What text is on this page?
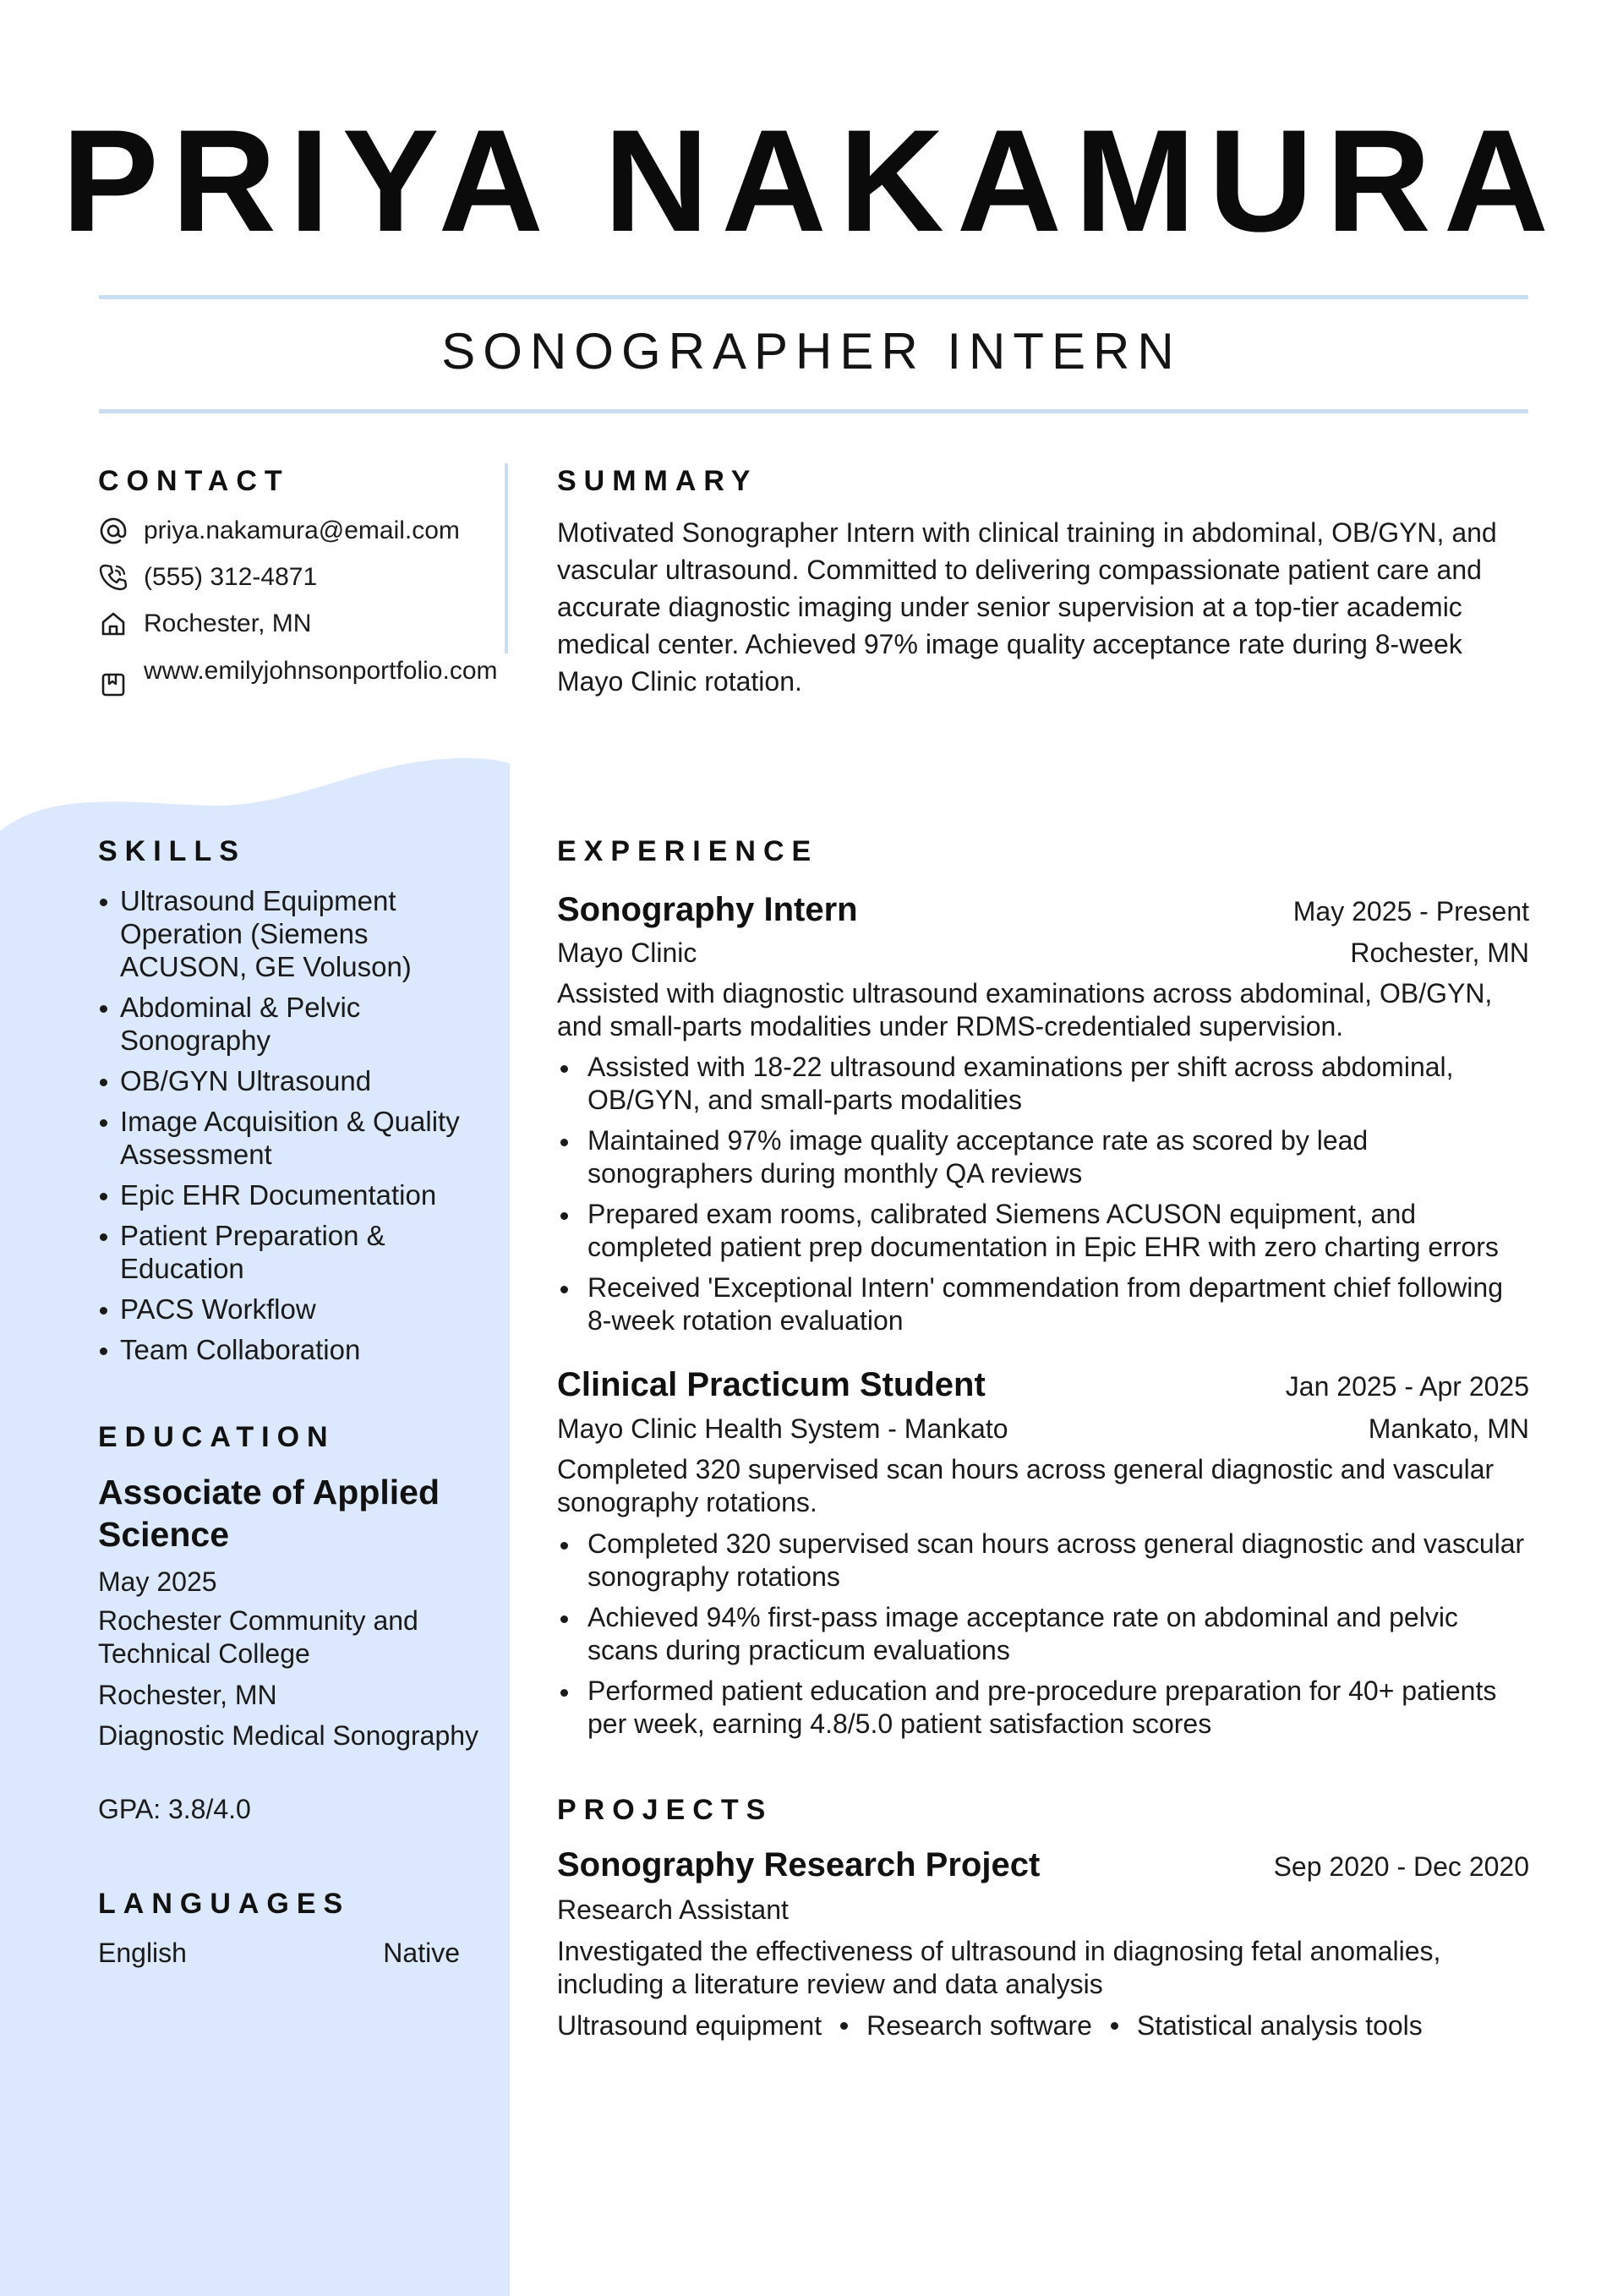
PRIYA NAKAMURA
SONOGRAPHER INTERN
CONTACT
priya.nakamura@email.com
(555) 312-4871
Rochester, MN
www.emilyjohnsonportfolio.com
SKILLS
Ultrasound Equipment Operation (Siemens ACUSON, GE Voluson)
Abdominal & Pelvic Sonography
OB/GYN Ultrasound
Image Acquisition & Quality Assessment
Epic EHR Documentation
Patient Preparation & Education
PACS Workflow
Team Collaboration
EDUCATION
Associate of Applied Science
May 2025
Rochester Community and Technical College
Rochester, MN
Diagnostic Medical Sonography
GPA: 3.8/4.0
LANGUAGES
English	Native
SUMMARY
Motivated Sonographer Intern with clinical training in abdominal, OB/GYN, and vascular ultrasound. Committed to delivering compassionate patient care and accurate diagnostic imaging under senior supervision at a top-tier academic medical center. Achieved 97% image quality acceptance rate during 8-week Mayo Clinic rotation.
EXPERIENCE
Sonography Intern	May 2025 - Present
Mayo Clinic	Rochester, MN
Assisted with diagnostic ultrasound examinations across abdominal, OB/GYN, and small-parts modalities under RDMS-credentialed supervision.
Assisted with 18-22 ultrasound examinations per shift across abdominal, OB/GYN, and small-parts modalities
Maintained 97% image quality acceptance rate as scored by lead sonographers during monthly QA reviews
Prepared exam rooms, calibrated Siemens ACUSON equipment, and completed patient prep documentation in Epic EHR with zero charting errors
Received 'Exceptional Intern' commendation from department chief following 8-week rotation evaluation
Clinical Practicum Student	Jan 2025 - Apr 2025
Mayo Clinic Health System - Mankato	Mankato, MN
Completed 320 supervised scan hours across general diagnostic and vascular sonography rotations.
Completed 320 supervised scan hours across general diagnostic and vascular sonography rotations
Achieved 94% first-pass image acceptance rate on abdominal and pelvic scans during practicum evaluations
Performed patient education and pre-procedure preparation for 40+ patients per week, earning 4.8/5.0 patient satisfaction scores
PROJECTS
Sonography Research Project	Sep 2020 - Dec 2020
Research Assistant
Investigated the effectiveness of ultrasound in diagnosing fetal anomalies, including a literature review and data analysis
Ultrasound equipment Research software Statistical analysis tools
